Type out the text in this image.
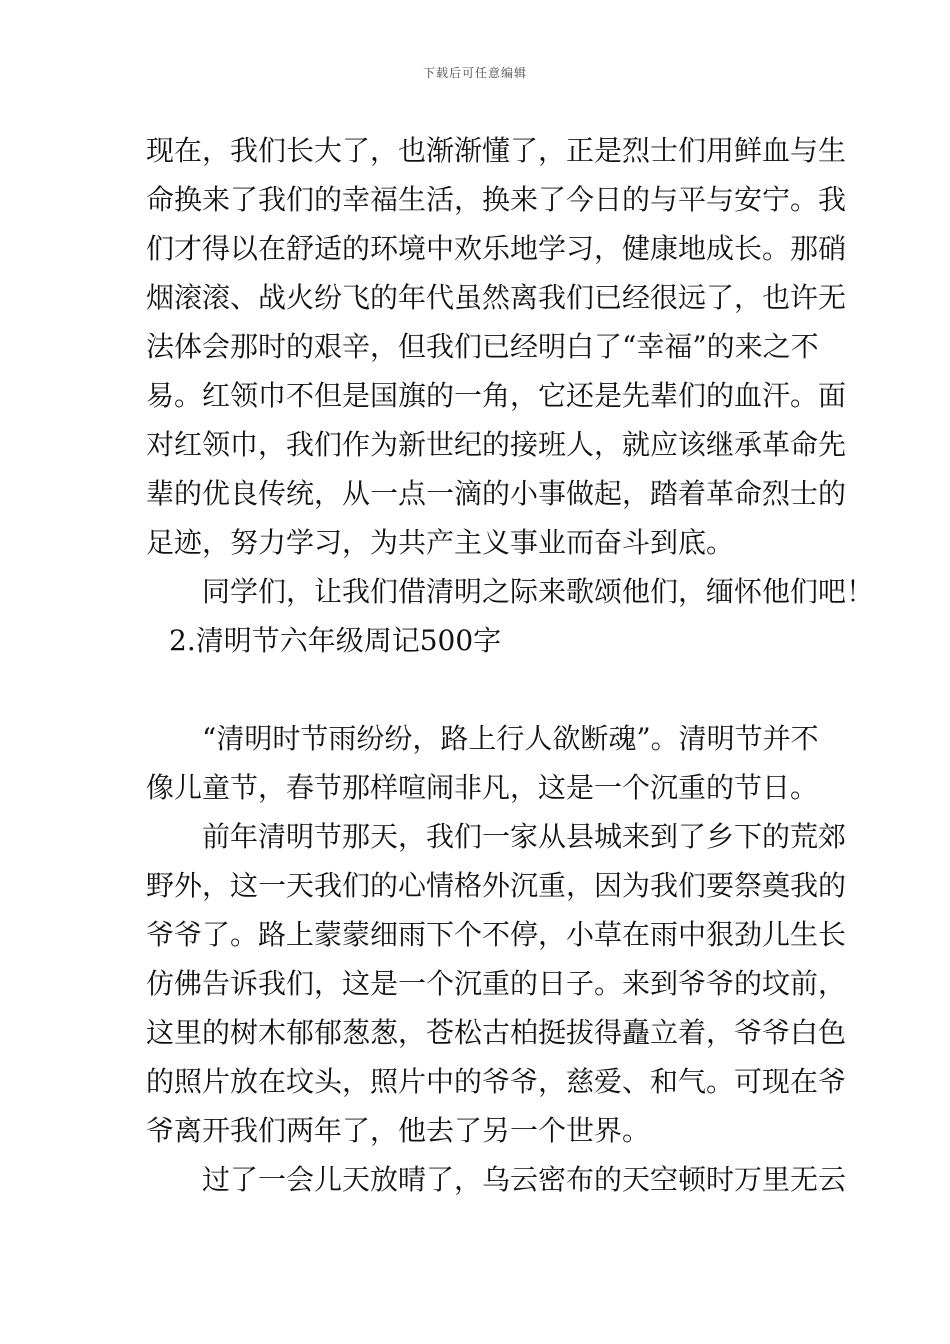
下载后可任意编辑
现在，我们长大了，也渐渐懂了，正是烈士们用鲜血与生
命换来了我们的幸福生活，换来了今日的与平与安宁。我
们才得以在舒适的环境中欢乐地学习，健康地成长。那硝
烟滚滚、战火纷飞的年代虽然离我们已经很远了，也许无
法体会那时的艰辛，但我们已经明白了“幸福”的来之不
易。红领巾不但是国旗的一角，它还是先辈们的血汗。面
对红领巾，我们作为新世纪的接班人，就应该继承革命先
辈的优良传统，从一点一滴的小事做起，踏着革命烈士的
足迹，努力学习，为共产主义事业而奋斗到底。
同学们，让我们借清明之际来歌颂他们，缅怀他们吧！
2.清明节六年级周记500字
“清明时节雨纷纷，路上行人欲断魂”。清明节并不
像儿童节，春节那样喧闹非凡，这是一个沉重的节日。
前年清明节那天，我们一家从县城来到了乡下的荒郊
野外，这一天我们的心情格外沉重，因为我们要祭奠我的
爷爷了。路上蒙蒙细雨下个不停，小草在雨中狠劲儿生长
仿佛告诉我们，这是一个沉重的日子。来到爷爷的坟前，
这里的树木郁郁葱葱，苍松古柏挺拔得矗立着，爷爷白色
的照片放在坟头，照片中的爷爷，慈爱、和气。可现在爷
爷离开我们两年了，他去了另一个世界。
过了一会儿天放晴了，乌云密布的天空顿时万里无云
